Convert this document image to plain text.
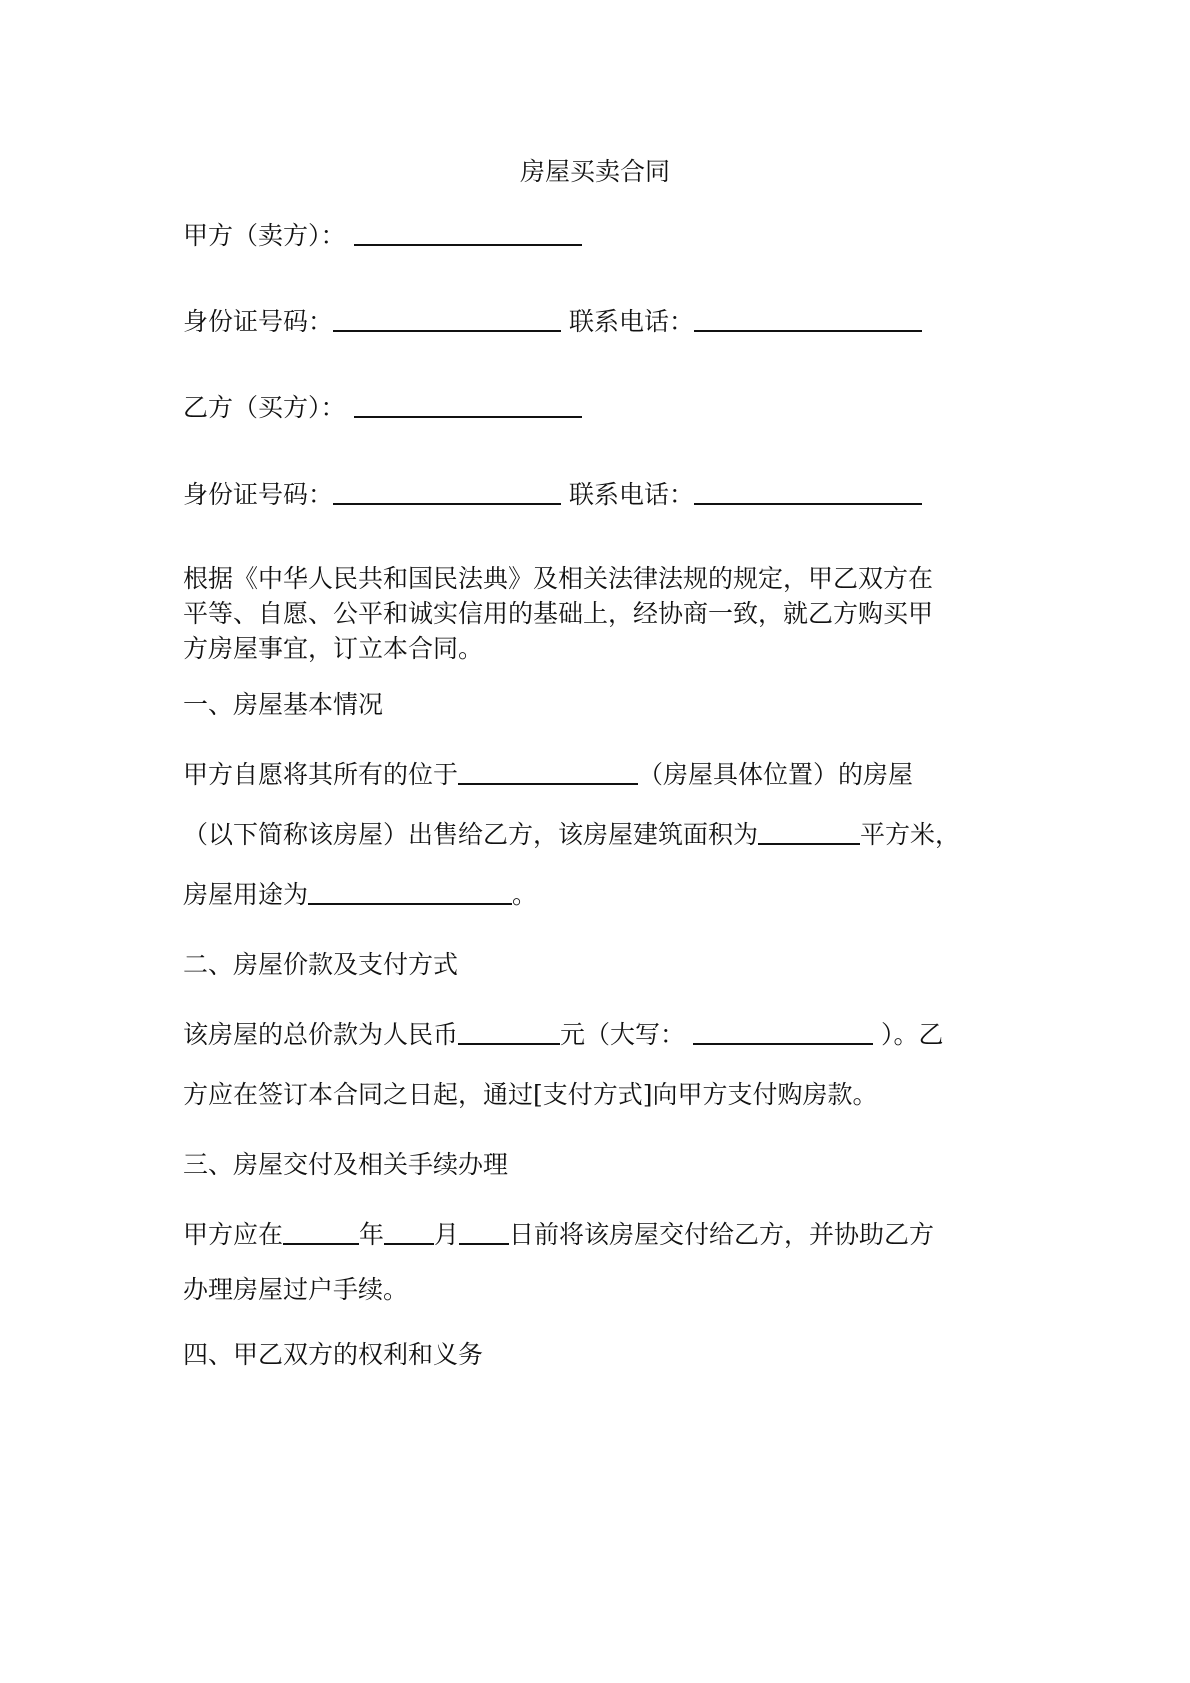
房屋买卖合同
甲方（卖方）：
身份证号码：	联系电话：
乙方（买方）：
身份证号码：	联系电话：
根据《中华人民共和国民法典》及相关法律法规的规定，甲乙双方在
平等、自愿、公平和诚实信用的基础上，经协商一致，就乙方购买甲
方房屋事宜，订立本合同。
一、房屋基本情况
甲方自愿将其所有的位于	（房屋具体位置）的房屋
（以下简称该房屋）出售给乙方，该房屋建筑面积为	平方米，
房屋用途为	。
二、房屋价款及支付方式
该房屋的总价款为人民币	元（大写：	）。乙
方应在签订本合同之日起，通过[支付方式]向甲方支付购房款。
三、房屋交付及相关手续办理
甲方应在	年 月 日前将该房屋交付给乙方，并协助乙方
办理房屋过户手续。
四、甲乙双方的权利和义务
